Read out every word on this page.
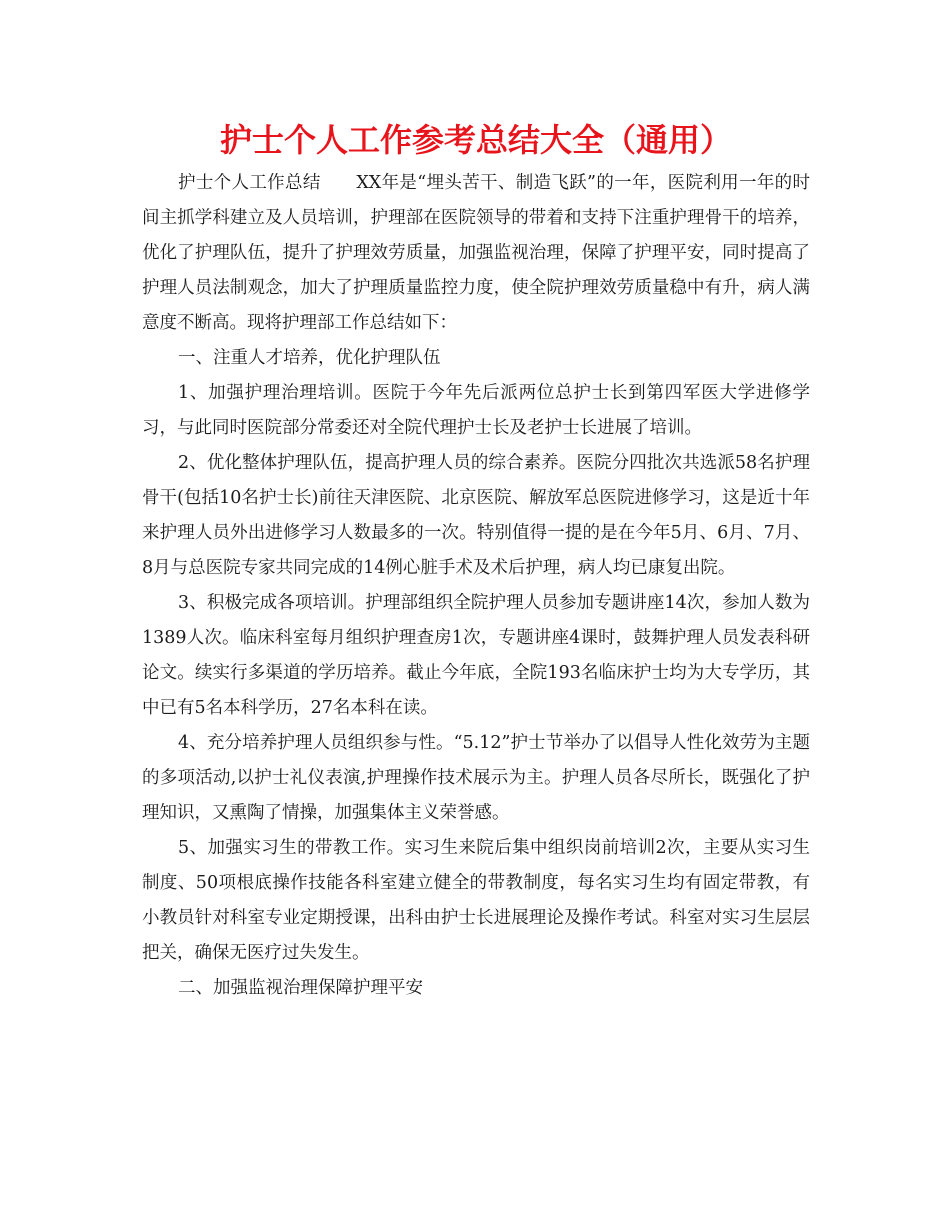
护士个人工作参考总结大全（通用）

护士个人工作总结　　XX年是“埋头苦干、制造飞跃”的一年，医院利用一年的时间主抓学科建立及人员培训，护理部在医院领导的带着和支持下注重护理骨干的培养，优化了护理队伍，提升了护理效劳质量，加强监视治理，保障了护理平安，同时提高了护理人员法制观念，加大了护理质量监控力度，使全院护理效劳质量稳中有升，病人满意度不断高。现将护理部工作总结如下：

一、注重人才培养，优化护理队伍

1、加强护理治理培训。医院于今年先后派两位总护士长到第四军医大学进修学习，与此同时医院部分常委还对全院代理护士长及老护士长进展了培训。

2、优化整体护理队伍，提高护理人员的综合素养。医院分四批次共选派58名护理骨干(包括10名护士长)前往天津医院、北京医院、解放军总医院进修学习，这是近十年来护理人员外出进修学习人数最多的一次。特别值得一提的是在今年5月、6月、7月、8月与总医院专家共同完成的14例心脏手术及术后护理，病人均已康复出院。

3、积极完成各项培训。护理部组织全院护理人员参加专题讲座14次，参加人数为1389人次。临床科室每月组织护理查房1次，专题讲座4课时，鼓舞护理人员发表科研论文。续实行多渠道的学历培养。截止今年底，全院193名临床护士均为大专学历，其中已有5名本科学历，27名本科在读。

4、充分培养护理人员组织参与性。“5.12”护士节举办了以倡导人性化效劳为主题的多项活动,以护士礼仪表演,护理操作技术展示为主。护理人员各尽所长，既强化了护理知识，又熏陶了情操，加强集体主义荣誉感。

5、加强实习生的带教工作。实习生来院后集中组织岗前培训2次，主要从实习生制度、50项根底操作技能各科室建立健全的带教制度，每名实习生均有固定带教，有小教员针对科室专业定期授课，出科由护士长进展理论及操作考试。科室对实习生层层把关，确保无医疗过失发生。

二、加强监视治理保障护理平安
